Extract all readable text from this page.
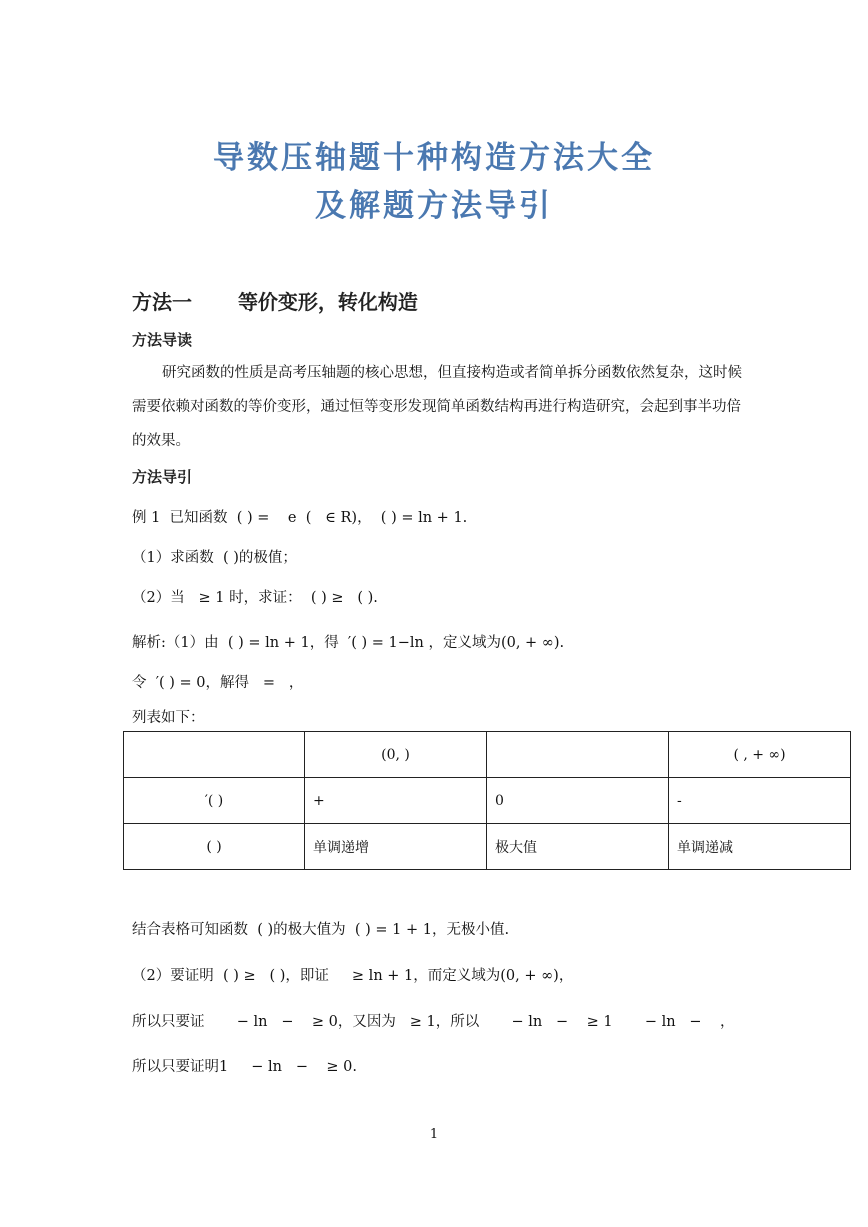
导数压轴题十种构造方法大全
及解题方法导引
方法一 等价变形，转化构造
方法导读
研究函数的性质是高考压轴题的核心思想，但直接构造或者简单拆分函数依然复杂，这时候需要依赖对函数的等价变形，通过恒等变形发现简单函数结构再进行构造研究，会起到事半功倍的效果。
方法导引
例 1  已知函数  ( ) =    e  (   ∈ R)，  ( ) = ln + 1.
（1）求函数  ( )的极值；
（2）当   ≥ 1 时，求证：  ( ) ≥   ( ).
解析:（1）由  ( ) = ln + 1，得  ′( ) = 1−ln ，定义域为(0, + ∞).
令  ′( ) = 0，解得   =   ，
列表如下：
	(0, )		( , + ∞)
′( )	+	0	-
( )	单调递增	极大值	单调递减
结合表格可知函数  ( )的极大值为  ( ) = 1 + 1，无极小值.
（2）要证明  ( ) ≥   ( )，即证     ≥ ln + 1，而定义域为(0, + ∞)，
所以只要证       − ln   −    ≥ 0，又因为   ≥ 1，所以       − ln   −    ≥ 1       − ln   −    ，
所以只要证明1     − ln   −    ≥ 0.
1
